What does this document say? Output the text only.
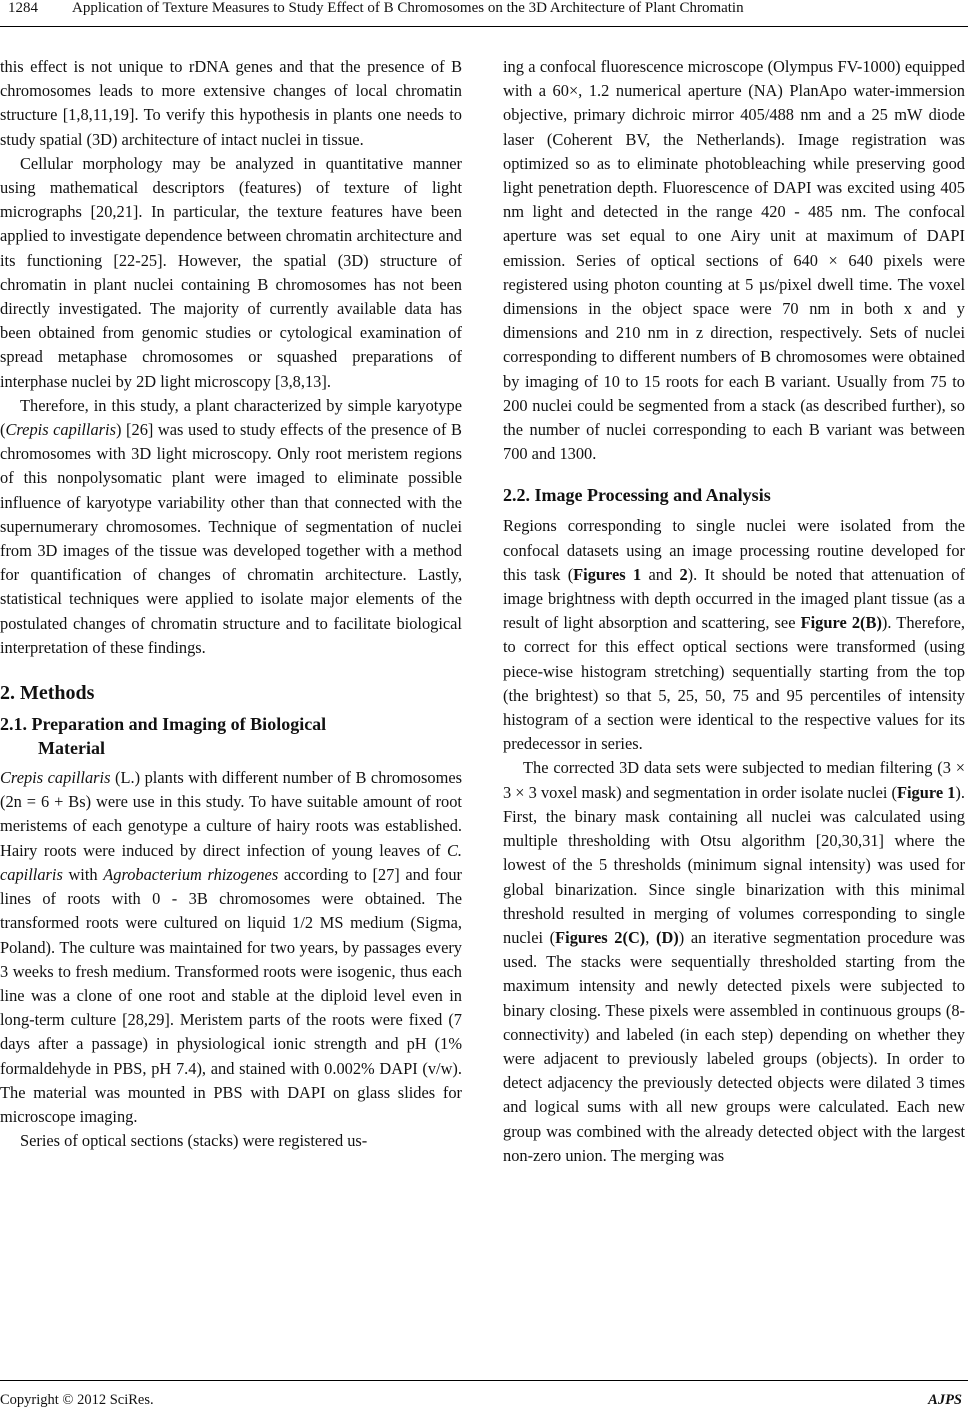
1284 Application of Texture Measures to Study Effect of B Chromosomes on the 3D Architecture of Plant Chromatin

this effect is not unique to rDNA genes and that the presence of B chromosomes leads to more extensive changes of local chromatin structure [1,8,11,19]. To verify this hypothesis in plants one needs to study spatial (3D) architecture of intact nuclei in tissue.

Cellular morphology may be analyzed in quantitative manner using mathematical descriptors (features) of texture of light micrographs [20,21]. In particular, the texture features have been applied to investigate dependence between chromatin architecture and its functioning [22-25]. However, the spatial (3D) structure of chromatin in plant nuclei containing B chromosomes has not been directly investigated. The majority of currently available data has been obtained from genomic studies or cytological examination of spread metaphase chromosomes or squashed preparations of interphase nuclei by 2D light microscopy [3,8,13].

Therefore, in this study, a plant characterized by simple karyotype (Crepis capillaris) [26] was used to study effects of the presence of B chromosomes with 3D light microscopy. Only root meristem regions of this nonpolysomatic plant were imaged to eliminate possible influence of karyotype variability other than that connected with the supernumerary chromosomes. Technique of segmentation of nuclei from 3D images of the tissue was developed together with a method for quantification of changes of chromatin architecture. Lastly, statistical techniques were applied to isolate major elements of the postulated changes of chromatin structure and to facilitate biological interpretation of these findings.

2. Methods
2.1. Preparation and Imaging of Biological
Material

Crepis capillaris (L.) plants with different number of B chromosomes (2n = 6 + Bs) were use in this study. To have suitable amount of root meristems of each genotype a culture of hairy roots was established. Hairy roots were induced by direct infection of young leaves of C. capillaris with Agrobacterium rhizogenes according to [27] and four lines of roots with 0 - 3B chromosomes were obtained. The transformed roots were cultured on liquid 1/2 MS medium (Sigma, Poland). The culture was maintained for two years, by passages every 3 weeks to fresh medium. Transformed roots were isogenic, thus each line was a clone of one root and stable at the diploid level even in long-term culture [28,29]. Meristem parts of the roots were fixed (7 days after a passage) in physiological ionic strength and pH (1% formaldehyde in PBS, pH 7.4), and stained with 0.002% DAPI (v/w). The material was mounted in PBS with DAPI on glass slides for microscope imaging.

Series of optical sections (stacks) were registered us-

ing a confocal fluorescence microscope (Olympus FV-1000) equipped with a 60×, 1.2 numerical aperture (NA) PlanApo water-immersion objective, primary dichroic mirror 405/488 nm and a 25 mW diode laser (Coherent BV, the Netherlands). Image registration was optimized so as to eliminate photobleaching while preserving good light penetration depth. Fluorescence of DAPI was excited using 405 nm light and detected in the range 420 - 485 nm. The confocal aperture was set equal to one Airy unit at maximum of DAPI emission. Series of optical sections of 640 × 640 pixels were registered using photon counting at 5 µs/pixel dwell time. The voxel dimensions in the object space were 70 nm in both x and y dimensions and 210 nm in z direction, respectively. Sets of nuclei corresponding to different numbers of B chromosomes were obtained by imaging of 10 to 15 roots for each B variant. Usually from 75 to 200 nuclei could be segmented from a stack (as described further), so the number of nuclei corresponding to each B variant was between 700 and 1300.

2.2. Image Processing and Analysis

Regions corresponding to single nuclei were isolated from the confocal datasets using an image processing routine developed for this task (Figures 1 and 2). It should be noted that attenuation of image brightness with depth occurred in the imaged plant tissue (as a result of light absorption and scattering, see Figure 2(B)). Therefore, to correct for this effect optical sections were transformed (using piece-wise histogram stretching) sequentially starting from the top (the brightest) so that 5, 25, 50, 75 and 95 percentiles of intensity histogram of a section were identical to the respective values for its predecessor in series.

The corrected 3D data sets were subjected to median filtering (3 × 3 × 3 voxel mask) and segmentation in order isolate nuclei (Figure 1). First, the binary mask containing all nuclei was calculated using multiple thresholding with Otsu algorithm [20,30,31] where the lowest of the 5 thresholds (minimum signal intensity) was used for global binarization. Since single binarization with this minimal threshold resulted in merging of volumes corresponding to single nuclei (Figures 2(C), (D)) an iterative segmentation procedure was used. The stacks were sequentially thresholded starting from the maximum intensity and newly detected pixels were subjected to binary closing. These pixels were assembled in continuous groups (8-connectivity) and labeled (in each step) depending on whether they were adjacent to previously labeled groups (objects). In order to detect adjacency the previously detected objects were dilated 3 times and logical sums with all new groups were calculated. Each new group was combined with the already detected object with the largest non-zero union. The merging was

Copyright © 2012 SciRes.	AJPS
